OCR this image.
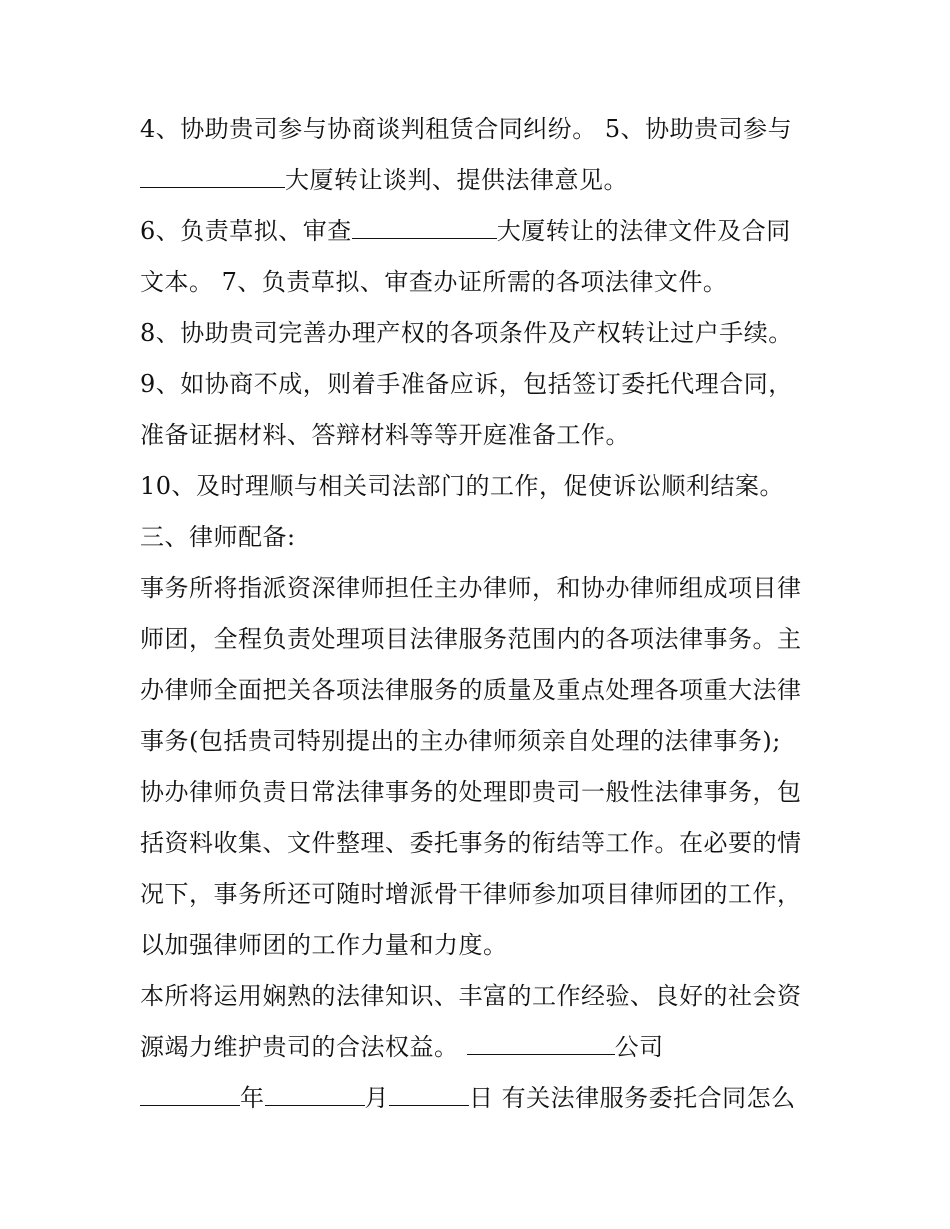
4、协助贵司参与协商谈判租赁合同纠纷。 5、协助贵司参与
大厦转让谈判、提供法律意见。
6、负责草拟、审查	大厦转让的法律文件及合同
文本。 7、负责草拟、审查办证所需的各项法律文件。
8、协助贵司完善办理产权的各项条件及产权转让过户手续。
9、如协商不成，则着手准备应诉，包括签订委托代理合同，
准备证据材料、答辩材料等等开庭准备工作。
10、及时理顺与相关司法部门的工作，促使诉讼顺利结案。
三、律师配备:
事务所将指派资深律师担任主办律师，和协办律师组成项目律
师团，全程负责处理项目法律服务范围内的各项法律事务。主
办律师全面把关各项法律服务的质量及重点处理各项重大法律
事务(包括贵司特别提出的主办律师须亲自处理的法律事务);
协办律师负责日常法律事务的处理即贵司一般性法律事务，包
括资料收集、文件整理、委托事务的衔结等工作。在必要的情
况下，事务所还可随时增派骨干律师参加项目律师团的工作，
以加强律师团的工作力量和力度。
本所将运用娴熟的法律知识、丰富的工作经验、良好的社会资
源竭力维护贵司的合法权益。	公司
年	月	日 有关法律服务委托合同怎么
